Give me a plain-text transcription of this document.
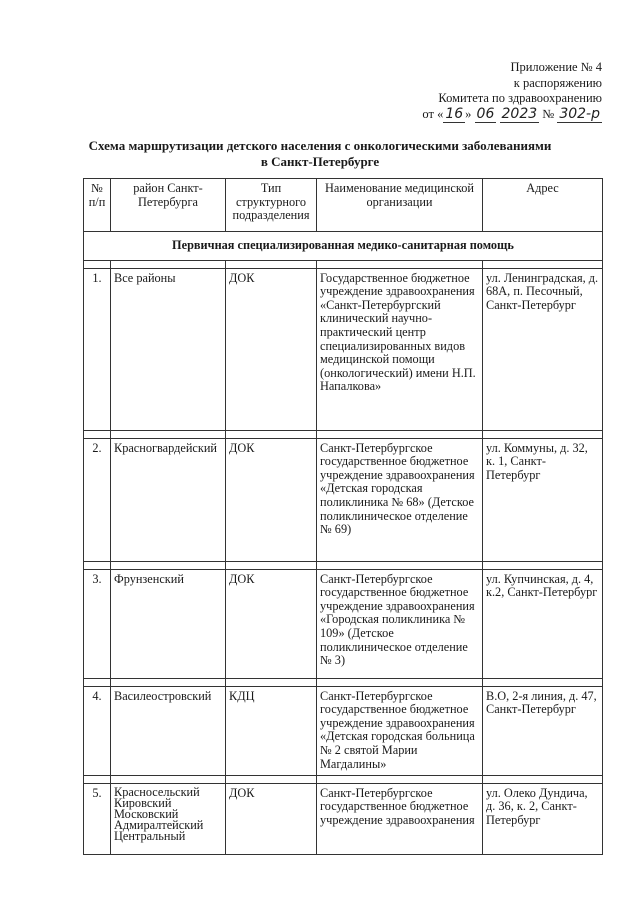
Приложение № 4
к распоряжению
Комитета по здравоохранению
от « 16 » 06 2023 № 302-р
Схема маршрутизации детского населения с онкологическими заболеваниями
в Санкт-Петербурге
№ п/п	район Санкт-Петербурга	Тип структурного подразделения	Наименование медицинской организации	Адрес
Первичная специализированная медико-санитарная помощь				

1.	Все районы	ДОК	Государственное бюджетное учреждение здравоохранения «Санкт-Петербургский клинический научно-практический центр специализированных видов медицинской помощи (онкологический) имени Н.П. Напалкова»	ул. Ленинградская, д. 68А, п. Песочный, Санкт-Петербург

2.	Красногвардейский	ДОК	Санкт-Петербургское государственное бюджетное учреждение здравоохранения «Детская городская поликлиника № 68» (Детское поликлиническое отделение № 69)	ул. Коммуны, д. 32, к. 1, Санкт-Петербург

3.	Фрунзенский	ДОК	Санкт-Петербургское государственное бюджетное учреждение здравоохранения «Городская поликлиника № 109» (Детское поликлиническое отделение № 3)	ул. Купчинская, д. 4, к.2, Санкт-Петербург

4.	Василеостровский	КДЦ	Санкт-Петербургское государственное бюджетное учреждение здравоохранения «Детская городская больница № 2 святой Марии Магдалины»	В.О, 2-я линия, д. 47, Санкт-Петербург

5.	Красносельский
Кировский
Московский
Адмиралтейский
Центральный	ДОК	Санкт-Петербургское государственное бюджетное учреждение здравоохранения	ул. Олеко Дундича, д. 36, к. 2, Санкт-Петербург
